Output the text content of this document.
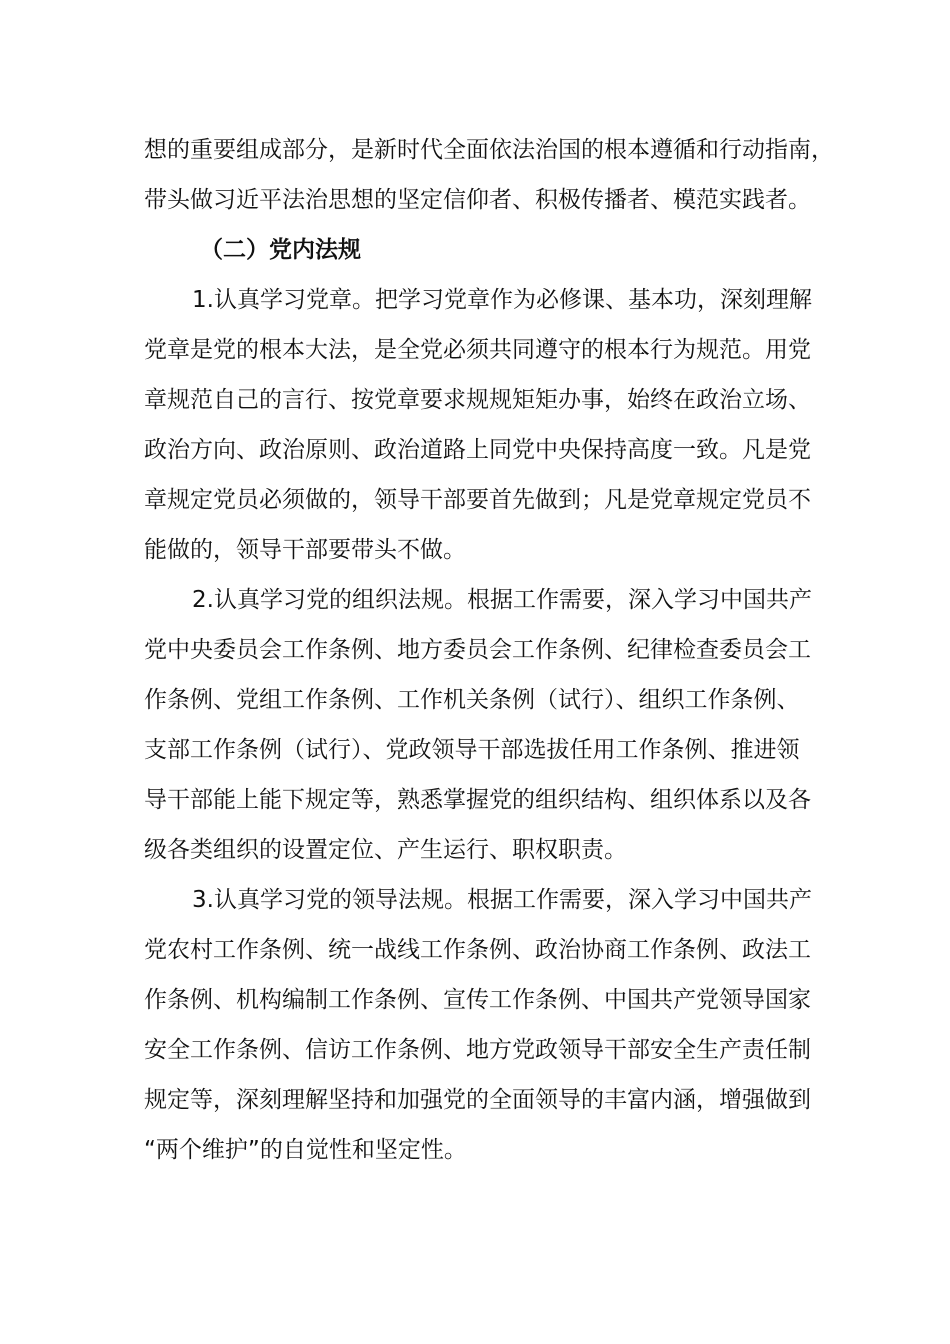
想的重要组成部分，是新时代全面依法治国的根本遵循和行动指南，
带头做习近平法治思想的坚定信仰者、积极传播者、模范实践者。
（二）党内法规
1.认真学习党章。把学习党章作为必修课、基本功，深刻理解
党章是党的根本大法，是全党必须共同遵守的根本行为规范。用党
章规范自己的言行、按党章要求规规矩矩办事，始终在政治立场、
政治方向、政治原则、政治道路上同党中央保持高度一致。凡是党
章规定党员必须做的，领导干部要首先做到；凡是党章规定党员不
能做的，领导干部要带头不做。
2.认真学习党的组织法规。根据工作需要，深入学习中国共产
党中央委员会工作条例、地方委员会工作条例、纪律检查委员会工
作条例、党组工作条例、工作机关条例（试行）、组织工作条例、
支部工作条例（试行）、党政领导干部选拔任用工作条例、推进领
导干部能上能下规定等，熟悉掌握党的组织结构、组织体系以及各
级各类组织的设置定位、产生运行、职权职责。
3.认真学习党的领导法规。根据工作需要，深入学习中国共产
党农村工作条例、统一战线工作条例、政治协商工作条例、政法工
作条例、机构编制工作条例、宣传工作条例、中国共产党领导国家
安全工作条例、信访工作条例、地方党政领导干部安全生产责任制
规定等，深刻理解坚持和加强党的全面领导的丰富内涵，增强做到
“两个维护”的自觉性和坚定性。
